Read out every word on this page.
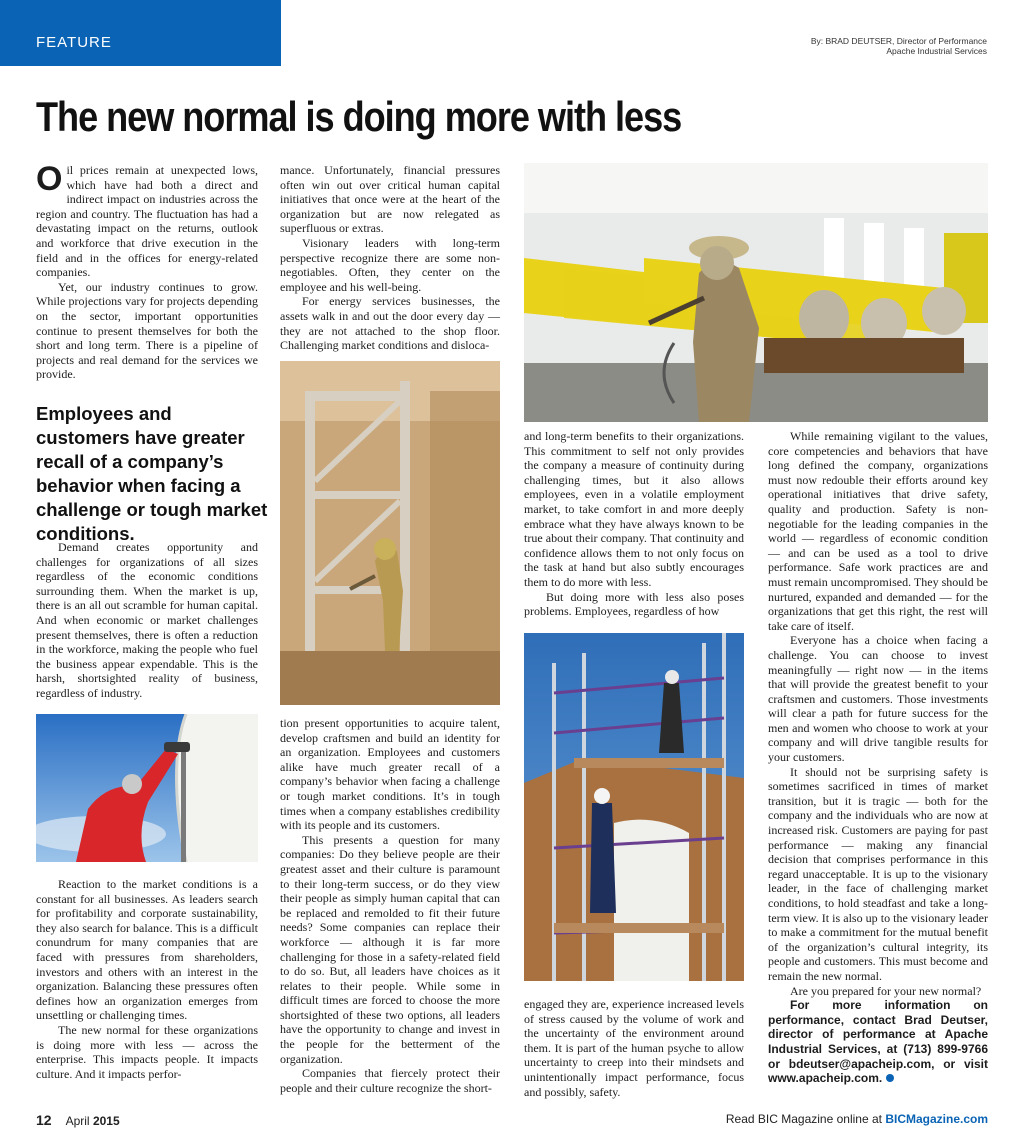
FEATURE	By: BRAD DEUTSER, Director of Performance
Apache Industrial Services
The new normal is doing more with less

Oil prices remain at unexpected lows, which have had both a direct and indirect impact on industries across the region and country. The fluctuation has had a devastating impact on the returns, outlook and workforce that drive execution in the field and in the offices for energy-related companies.

Yet, our industry continues to grow. While projections vary for projects depending on the sector, important opportunities continue to present themselves for both the short and long term. There is a pipeline of projects and real demand for the services we provide.

Employees and customers have greater recall of a company’s behavior when facing a challenge or tough market conditions.

Demand creates opportunity and challenges for organizations of all sizes regardless of the economic conditions surrounding them. When the market is up, there is an all out scramble for human capital. And when economic or market challenges present themselves, there is often a reduction in the workforce, making the people who fuel the business appear expendable. This is the harsh, shortsighted reality of business, regardless of industry.

Reaction to the market conditions is a constant for all businesses. As leaders search for profitability and corporate sustainability, they also search for balance. This is a difficult conundrum for many companies that are faced with pressures from shareholders, investors and others with an interest in the organization. Balancing these pressures often defines how an organization emerges from unsettling or challenging times.

The new normal for these organizations is doing more with less — across the enterprise. This impacts people. It impacts culture. And it impacts perfor-

mance. Unfortunately, financial pressures often win out over critical human capital initiatives that once were at the heart of the organization but are now relegated as superfluous or extras.

Visionary leaders with long-term perspective recognize there are some non-negotiables. Often, they center on the employee and his well-being.

For energy services businesses, the assets walk in and out the door every day — they are not attached to the shop floor. Challenging market conditions and disloca-

tion present opportunities to acquire talent, develop craftsmen and build an identity for an organization. Employees and customers alike have much greater recall of a company’s behavior when facing a challenge or tough market conditions. It’s in tough times when a company establishes credibility with its people and its customers.

This presents a question for many companies: Do they believe people are their greatest asset and their culture is paramount to their long-term success, or do they view their people as simply human capital that can be replaced and remolded to fit their future needs? Some companies can replace their workforce — although it is far more challenging for those in a safety-related field to do so. But, all leaders have choices as it relates to their people. While some in difficult times are forced to choose the more shortsighted of these two options, all leaders have the opportunity to change and invest in the people for the betterment of the organization.

Companies that fiercely protect their people and their culture recognize the short-

and long-term benefits to their organizations. This commitment to self not only provides the company a measure of continuity during challenging times, but it also allows employees, even in a volatile employment market, to take comfort in and more deeply embrace what they have always known to be true about their company. That continuity and confidence allows them to not only focus on the task at hand but also subtly encourages them to do more with less.

But doing more with less also poses problems. Employees, regardless of how

engaged they are, experience increased levels of stress caused by the volume of work and the uncertainty of the environment around them. It is part of the human psyche to allow uncertainty to creep into their mindsets and unintentionally impact performance, focus and possibly, safety.

While remaining vigilant to the values, core competencies and behaviors that have long defined the company, organizations must now redouble their efforts around key operational initiatives that drive safety, quality and production. Safety is non-negotiable for the leading companies in the world — regardless of economic condition — and can be used as a tool to drive performance. Safe work practices are and must remain uncompromised. They should be nurtured, expanded and demanded — for the organizations that get this right, the rest will take care of itself.

Everyone has a choice when facing a challenge. You can choose to invest meaningfully — right now — in the items that will provide the greatest benefit to your craftsmen and customers. Those investments will clear a path for future success for the men and women who choose to work at your company and will drive tangible results for your customers.

It should not be surprising safety is sometimes sacrificed in times of market transition, but it is tragic — both for the company and the individuals who are now at increased risk. Customers are paying for past performance — making any financial decision that comprises performance in this regard unacceptable. It is up to the visionary leader, in the face of challenging market conditions, to hold steadfast and take a long-term view. It is also up to the visionary leader to make a commitment for the mutual benefit of the organization’s cultural integrity, its people and customers. This must become and remain the new normal.

Are you prepared for your new normal?

For more information on performance, contact Brad Deutser, director of performance at Apache Industrial Services, at (713) 899-9766 or bdeutser@apacheip.com, or visit www.apacheip.com.

12 April 2015	Read BIC Magazine online at BICMagazine.com
